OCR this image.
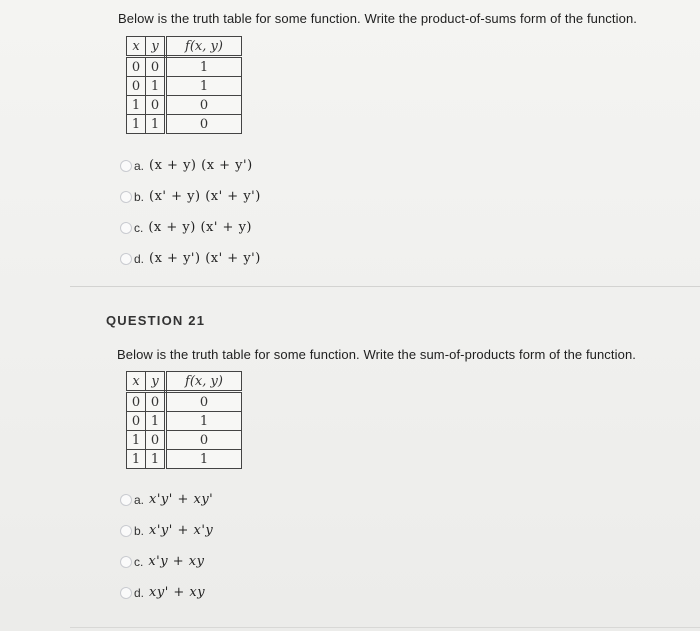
Below is the truth table for some function. Write the product-of-sums form of the function.
x	y	f(x, y)
0	0	1
0	1	1
1	0	0
1	1	0
a. (x + y) (x + y')
b. (x' + y) (x' + y')
c. (x + y) (x' + y)
d. (x + y') (x' + y')
QUESTION 21
Below is the truth table for some function. Write the sum-of-products form of the function.
x	y	f(x, y)
0	0	0
0	1	1
1	0	0
1	1	1
a. x'y' + xy'
b. x'y' + x'y
c. x'y + xy
d. xy' + xy
